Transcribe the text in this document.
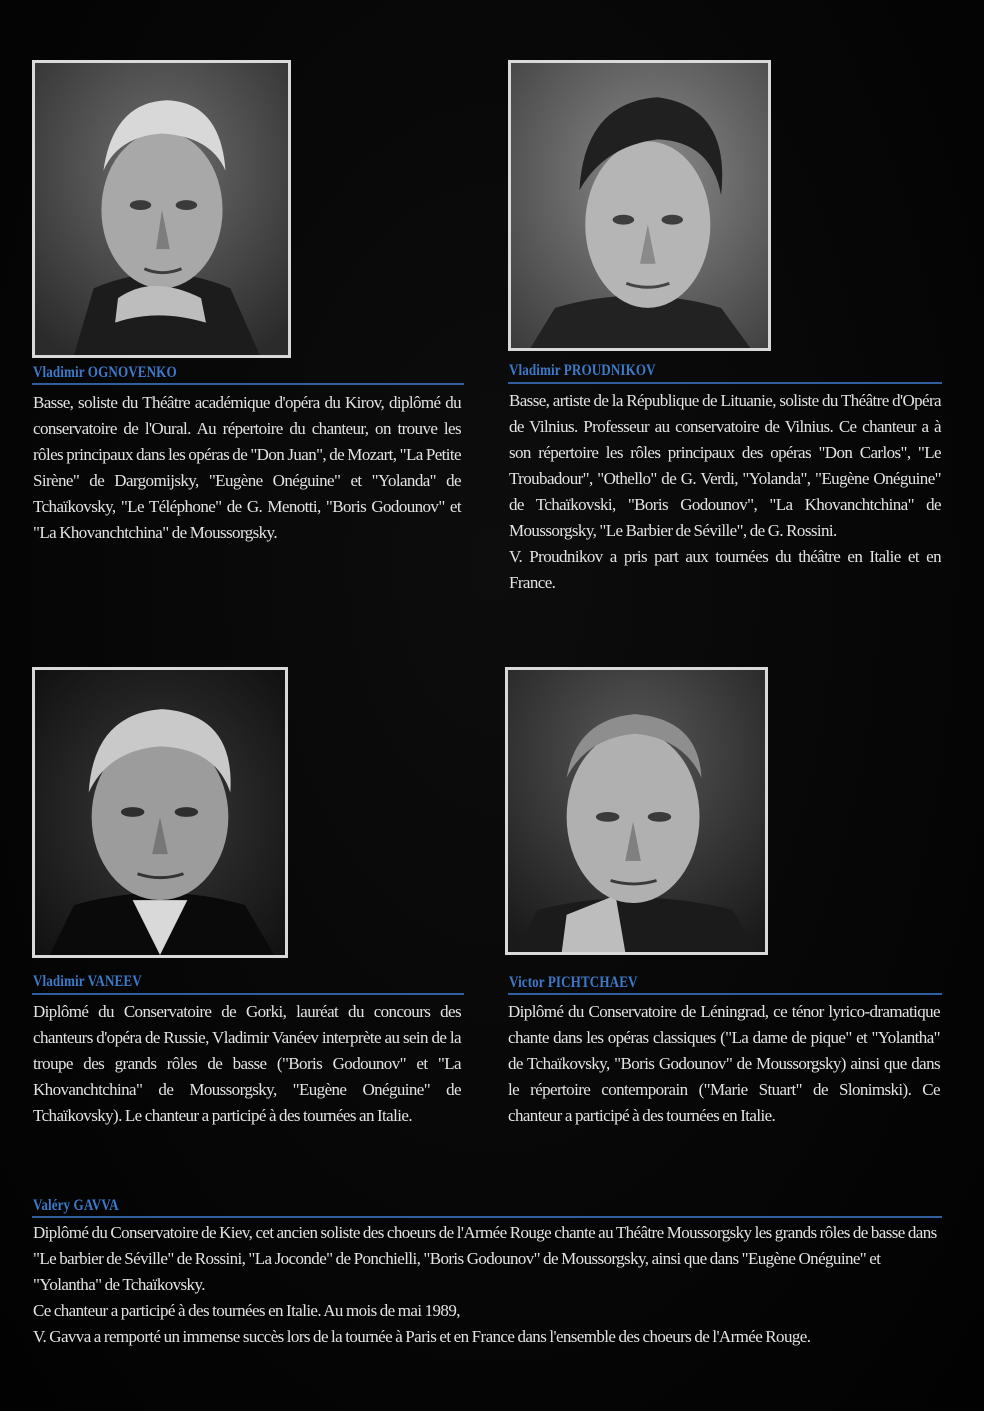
Vladimir OGNOVENKO

Basse, soliste du Théâtre académique d'opéra du Kirov, diplômé du conservatoire de l'Oural. Au répertoire du chanteur, on trouve les rôles principaux dans les opéras de "Don Juan", de Mozart, "La Petite Sirène" de Dargomijsky, "Eugène Onéguine" et "Yolanda" de Tchaïkovsky, "Le Téléphone" de G. Menotti, "Boris Godounov" et "La Khovanchtchina" de Moussorgsky.

Vladimir PROUDNIKOV

Basse, artiste de la République de Lituanie, soliste du Théâtre d'Opéra de Vilnius. Professeur au conservatoire de Vilnius. Ce chanteur a à son répertoire les rôles principaux des opéras "Don Carlos", "Le Troubadour", "Othello" de G. Verdi, "Yolanda", "Eugène Onéguine" de Tchaïkovski, "Boris Godounov", "La Khovanchtchina" de Moussorgsky, "Le Barbier de Séville", de G. Rossini.

V. Proudnikov a pris part aux tournées du théâtre en Italie et en France.

Vladimir VANEEV

Diplômé du Conservatoire de Gorki, lauréat du concours des chanteurs d'opéra de Russie, Vladimir Vanéev interprète au sein de la troupe des grands rôles de basse ("Boris Godounov" et "La Khovanchtchina" de Moussorgsky, "Eugène Onéguine" de Tchaïkovsky). Le chanteur a participé à des tournées an Italie.

Victor PICHTCHAEV

Diplômé du Conservatoire de Léningrad, ce ténor lyrico-dramatique chante dans les opéras classiques ("La dame de pique" et "Yolantha" de Tchaïkovsky, "Boris Godounov" de Moussorgsky) ainsi que dans le répertoire contemporain ("Marie Stuart" de Slonimski). Ce chanteur a participé à des tournées en Italie.

Valéry GAVVA

Diplômé du Conservatoire de Kiev, cet ancien soliste des choeurs de l'Armée Rouge chante au Théâtre Moussorgsky les grands rôles de basse dans "Le barbier de Séville" de Rossini, "La Joconde" de Ponchielli, "Boris Godounov" de Moussorgsky, ainsi que dans "Eugène Onéguine" et "Yolantha" de Tchaïkovsky.

Ce chanteur a participé à des tournées en Italie. Au mois de mai 1989,

V. Gavva a remporté un immense succès lors de la tournée à Paris et en France dans l'ensemble des choeurs de l'Armée Rouge.
